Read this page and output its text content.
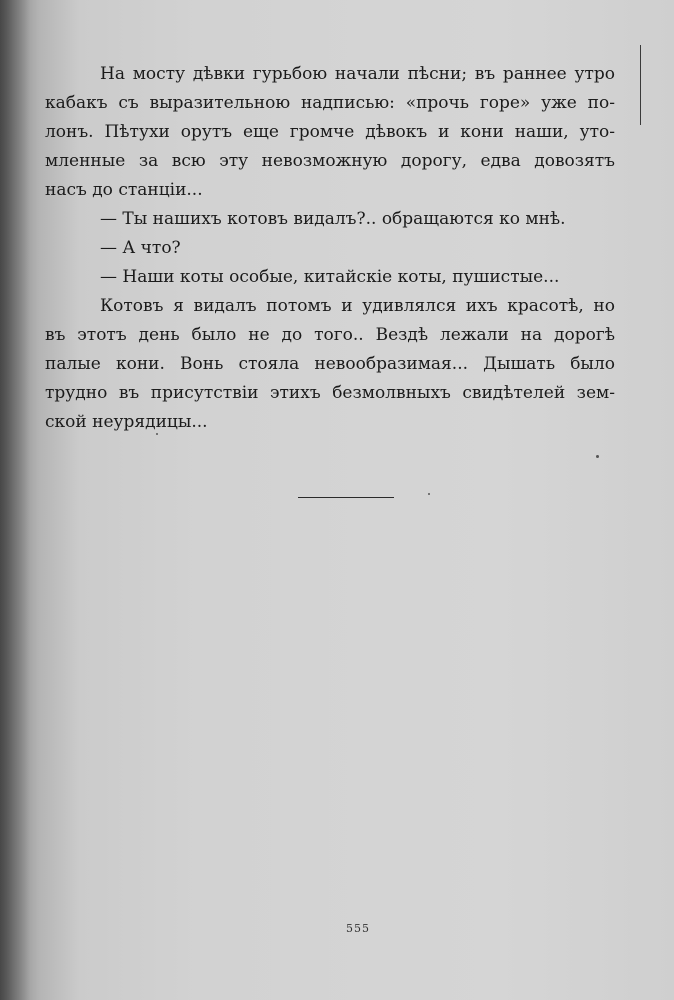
На мосту дѣвки гурьбою начали пѣсни; въ раннее утро
кабакъ съ выразительною надписью: «прочь горе» уже по-
лонъ. Пѣтухи орутъ еще громче дѣвокъ и кони наши, уто-
мленные за всю эту невозможную дорогу, едва довозятъ
насъ до станціи...
— Ты нашихъ котовъ видалъ?.. обращаются ко мнѣ.
— А что?
— Наши коты особые, китайскіе коты, пушистые...
Котовъ я видалъ потомъ и удивлялся ихъ красотѣ, но
въ этотъ день было не до того.. Вездѣ лежали на дорогѣ
палые кони. Вонь стояла невообразимая... Дышать было
трудно въ присутствіи этихъ безмолвныхъ свидѣтелей зем-
ской неурядицы...
555
